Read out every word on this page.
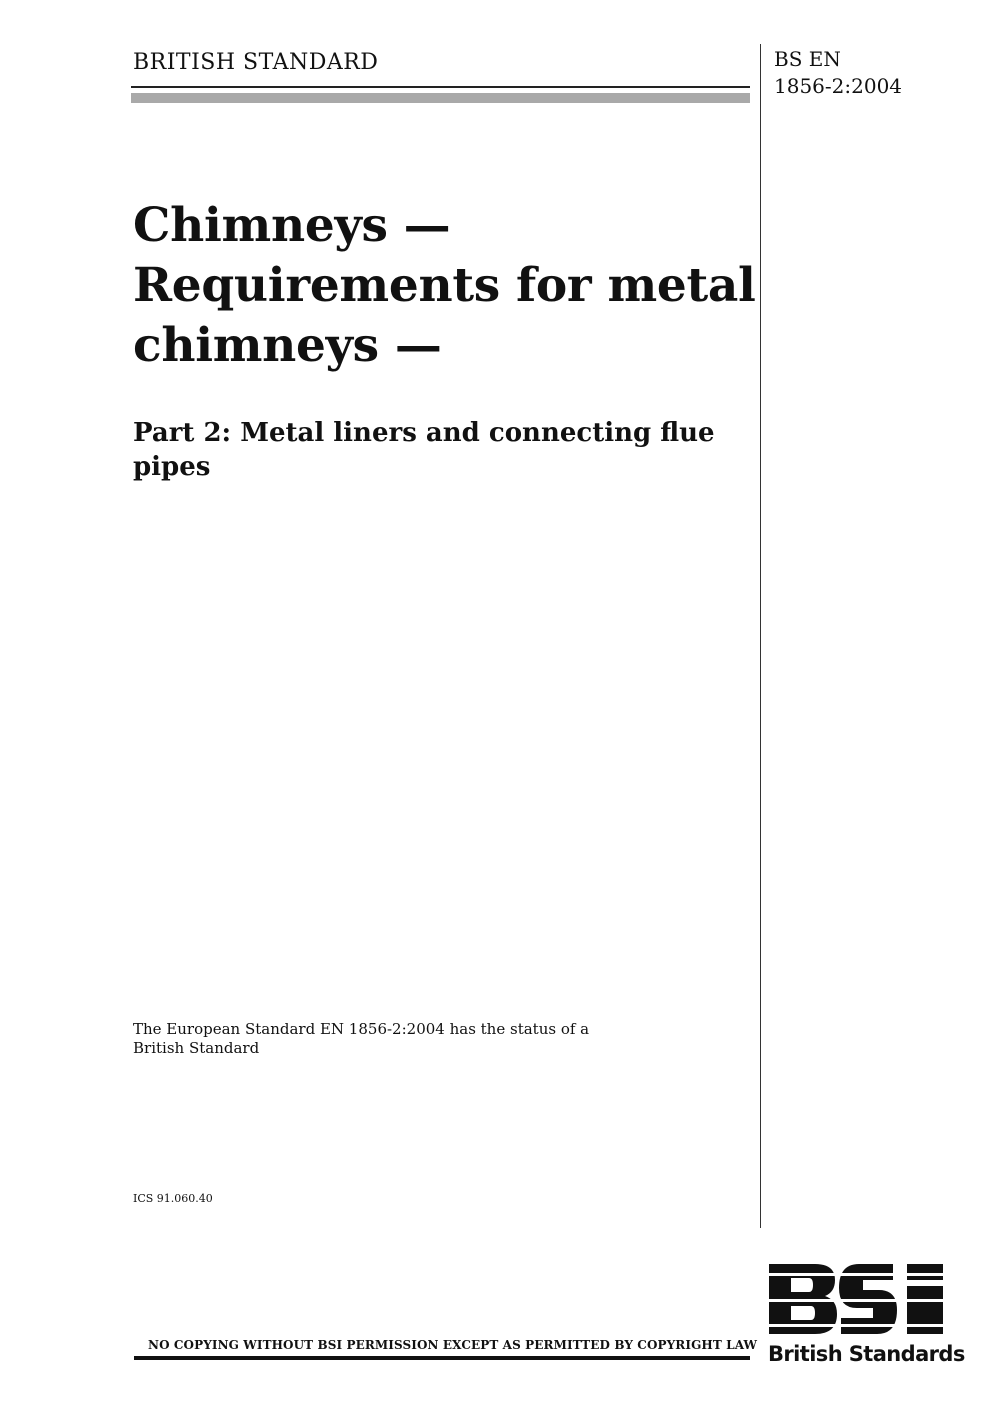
BRITISH STANDARD	BS EN
1856-2:2004
Chimneys —
Requirements for metal
chimneys —
Part 2: Metal liners and connecting flue
pipes
The European Standard EN 1856-2:2004 has the status of a
British Standard
ICS 91.060.40
NO COPYING WITHOUT BSI PERMISSION EXCEPT AS PERMITTED BY COPYRIGHT LAW British Standards
